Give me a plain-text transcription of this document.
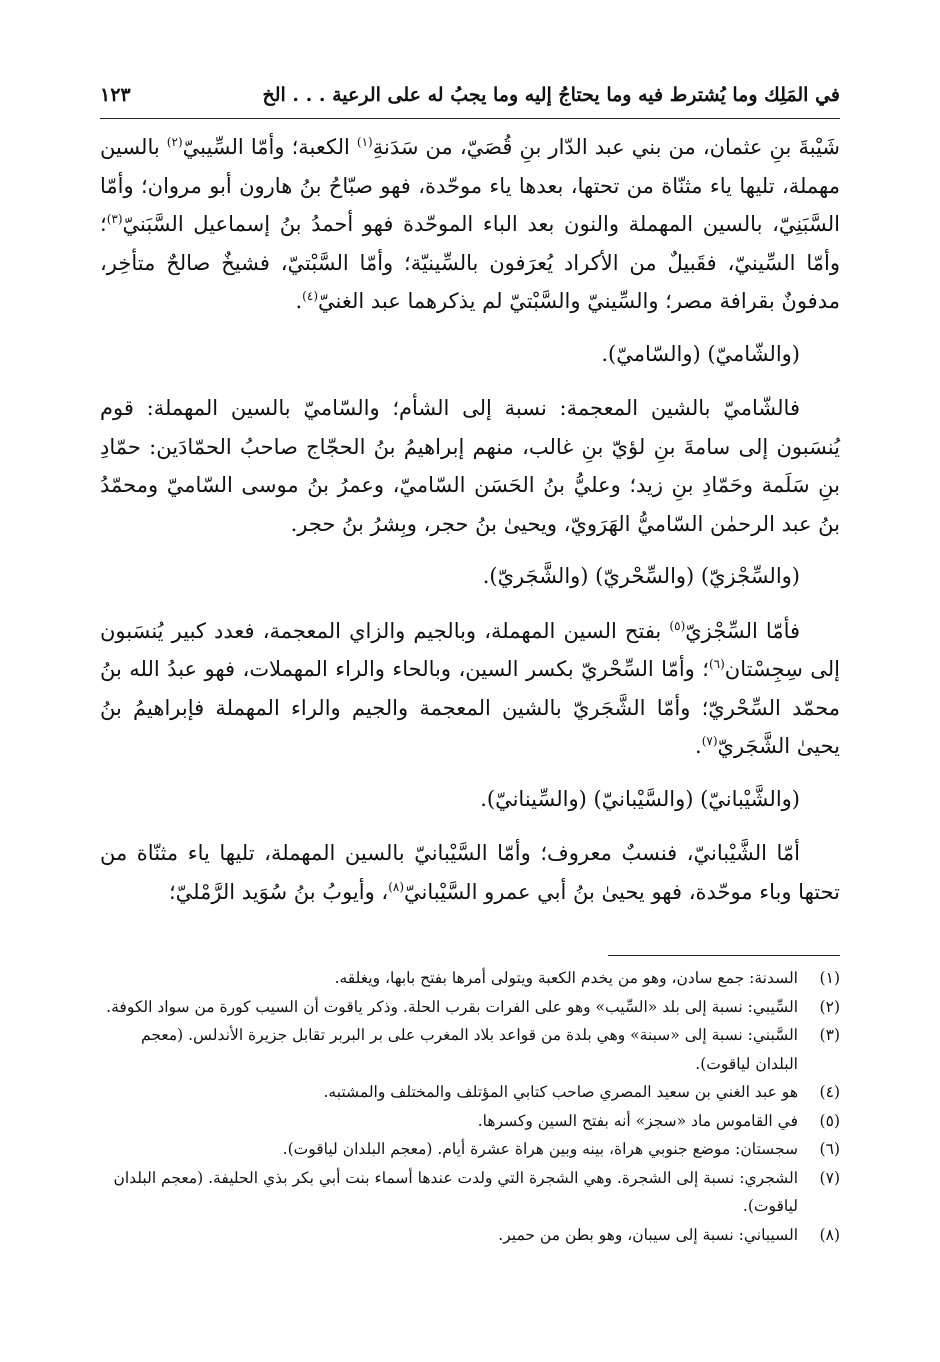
في المَلِك وما يُشترط فيه وما يحتاجُ إليه وما يجبُ له على الرعية . . . الخ
١٢٣

شَيْبةَ بنِ عثمان، من بني عبد الدّار بنِ قُصَيّ، من سَدَنةِ$^{(١)}$ الكعبة؛ وأمّا السِّيبيّ$^{(٢)}$ بالسين مهملة، تليها ياء مثنّاة من تحتها، بعدها ياء موحّدة، فهو صبّاحُ بنُ هارون أبو مروان؛ وأمّا السَّبَنِيّ، بالسين المهملة والنون بعد الباء الموحّدة فهو أحمدُ بنُ إسماعيل السَّبَنيّ$^{(٣)}$؛ وأمّا السِّينيّ، فقَبيلٌ من الأكراد يُعرَفون بالسِّينيّة؛ وأمّا السَّبْتيّ، فشيخٌ صالحٌ متأخِر، مدفونٌ بقرافة مصر؛ والسِّينيّ والسَّبْتيّ لم يذكرهما عبد الغنيّ$^{(٤)}$.

(والشّاميّ) (والسّاميّ).

فالشّاميّ بالشين المعجمة: نسبة إلى الشأم؛ والسّاميّ بالسين المهملة: قوم يُنسَبون إلى سامةَ بنِ لؤيّ بنِ غالب، منهم إبراهيمُ بنُ الحجّاج صاحبُ الحمّادَين: حمّادِ بنِ سَلَمة وحَمّادِ بنِ زيد؛ وعليُّ بنُ الحَسَن السّاميّ، وعمرُ بنُ موسى السّاميّ ومحمّدُ بنُ عبد الرحمٰن السّاميُّ الهَرَويّ، ويحيىٰ بنُ حجر، وبِشرُ بنُ حجر.

(والسِّجْزيّ) (والسِّحْريّ) (والشَّجَريّ).

فأمّا السِّجْزيّ$^{(٥)}$ بفتح السين المهملة، وبالجيم والزاي المعجمة، فعدد كبير يُنسَبون إلى سِجِسْتان$^{(٦)}$؛ وأمّا السِّحْريّ بكسر السين، وبالحاء والراء المهملات، فهو عبدُ الله بنُ محمّد السِّحْريّ؛ وأمّا الشَّجَريّ بالشين المعجمة والجيم والراء المهملة فإبراهيمُ بنُ يحيىٰ الشَّجَريّ$^{(٧)}$.

(والشَّيْبانيّ) (والسَّيْبانيّ) (والسِّينانيّ).

أمّا الشَّيْبانيّ، فنسبٌ معروف؛ وأمّا السَّيْبانيّ بالسين المهملة، تليها ياء مثنّاة من تحتها وباء موحّدة، فهو يحيىٰ بنُ أبي عمرو السَّيْبانيّ$^{(٨)}$، وأيوبُ بنُ سُوَيد الرَّمْليّ؛

(١)
السدنة: جمع سادن، وهو من يخدم الكعبة ويتولى أمرها بفتح بابها، ويغلقه.
(٢)
السِّيبي: نسبة إلى بلد «السِّيب» وهو على الفرات بقرب الحلة. وذكر ياقوت أن السيب كورة من سواد الكوفة.
(٣)
السَّبني: نسبة إلى «سبنة» وهي بلدة من قواعد بلاد المغرب على بر البربر تقابل جزيرة الأندلس. (معجم البلدان لياقوت).
(٤)
هو عبد الغني بن سعيد المصري صاحب كتابي المؤتلف والمختلف والمشتبه.
(٥)
في القاموس ماد «سجز» أنه بفتح السين وكسرها.
(٦)
سجستان: موضع جنوبي هراة، بينه وبين هراة عشرة أيام. (معجم البلدان لياقوت).
(٧)
الشجري: نسبة إلى الشجرة. وهي الشجرة التي ولدت عندها أسماء بنت أبي بكر بذي الحليفة. (معجم البلدان لياقوت).
(٨)
السيباني: نسبة إلى سيبان، وهو بطن من حمير.
